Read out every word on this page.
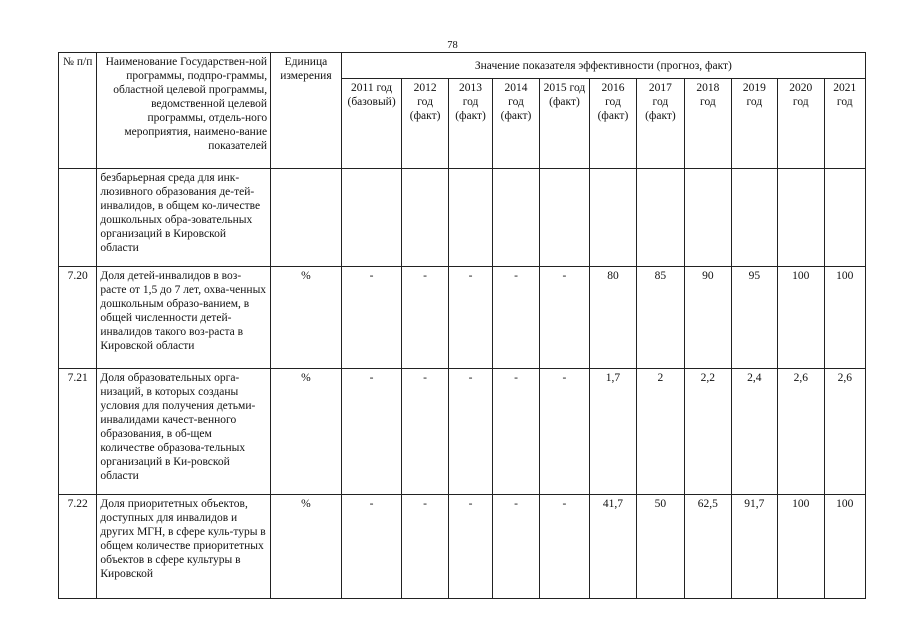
78
№ п/п	Наименование Государствен-ной программы, подпро-граммы, областной целевой программы, ведомственной целевой программы, отдель-ного мероприятия, наимено-вание показателей	Единица измерения	Значение показателя эффективности (прогноз, факт)										
			2011 год (базовый)	2012 год (факт)	2013 год (факт)	2014 год (факт)	2015 год (факт)	2016 год (факт)	2017 год (факт)	2018 год	2019 год	2020 год	2021 год
	безбарьерная среда для инк-люзивного образования де-тей-инвалидов, в общем ко-личестве дошкольных обра-зовательных организаций в Кировской области												
7.20	Доля детей-инвалидов в воз-расте от 1,5 до 7 лет, охва-ченных дошкольным образо-ванием, в общей численности детей-инвалидов такого воз-раста в Кировской области	%	-	-	-	-	-	80	85	90	95	100	100
7.21	Доля образовательных орга-низаций, в которых созданы условия для получения детьми-инвалидами качест-венного образования, в об-щем количестве образова-тельных организаций в Ки-ровской области	%	-	-	-	-	-	1,7	2	2,2	2,4	2,6	2,6
7.22	Доля приоритетных объектов, доступных для инвалидов и других МГН, в сфере куль-туры в общем количестве приоритетных объектов в сфере культуры в Кировской	%	-	-	-	-	-	41,7	50	62,5	91,7	100	100
